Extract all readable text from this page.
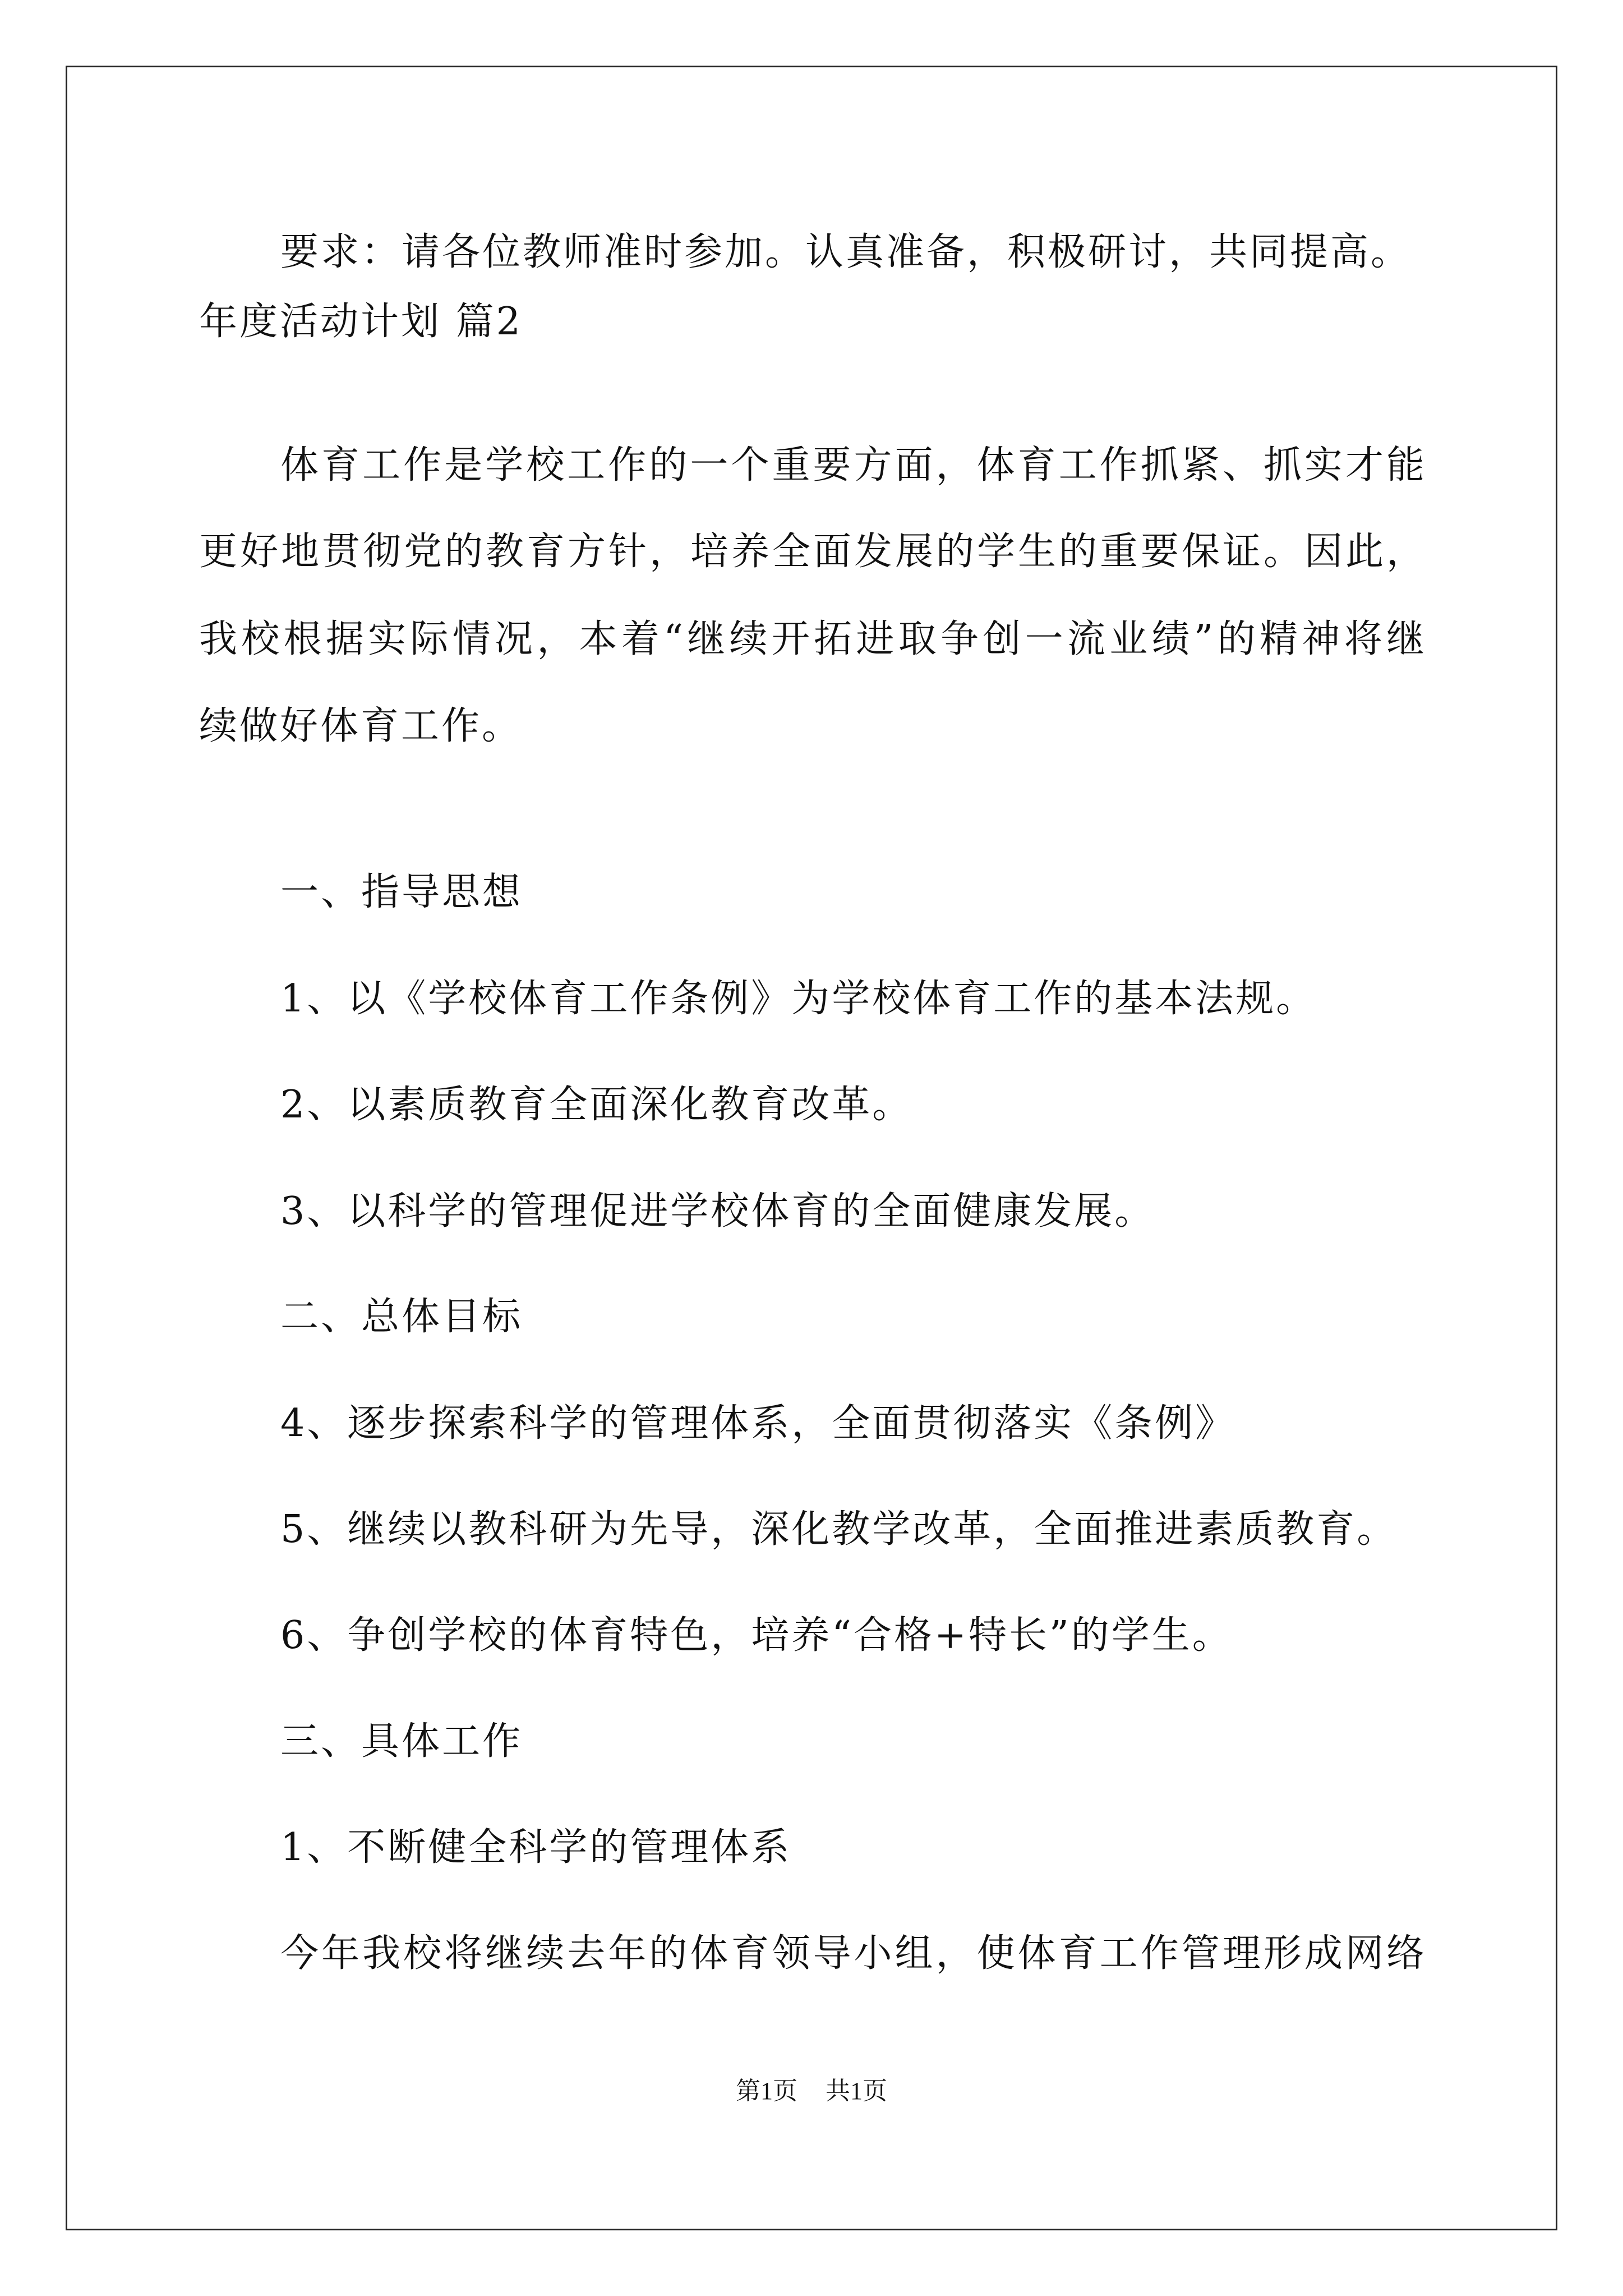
要求：请各位教师准时参加。认真准备，积极研讨，共同提高。

年度活动计划 篇2

体育工作是学校工作的一个重要方面，体育工作抓紧、抓实才能

更好地贯彻党的教育方针，培养全面发展的学生的重要保证。因此，

我校根据实际情况，本着“继续开拓进取争创一流业绩”的精神将继

续做好体育工作。

一、指导思想

1、以《学校体育工作条例》为学校体育工作的基本法规。

2、以素质教育全面深化教育改革。

3、以科学的管理促进学校体育的全面健康发展。

二、总体目标

4、逐步探索科学的管理体系，全面贯彻落实《条例》

5、继续以教科研为先导，深化教学改革，全面推进素质教育。

6、争创学校的体育特色，培养“合格+特长”的学生。

三、具体工作

1、不断健全科学的管理体系

今年我校将继续去年的体育领导小组，使体育工作管理形成网络

第1页 共1页
